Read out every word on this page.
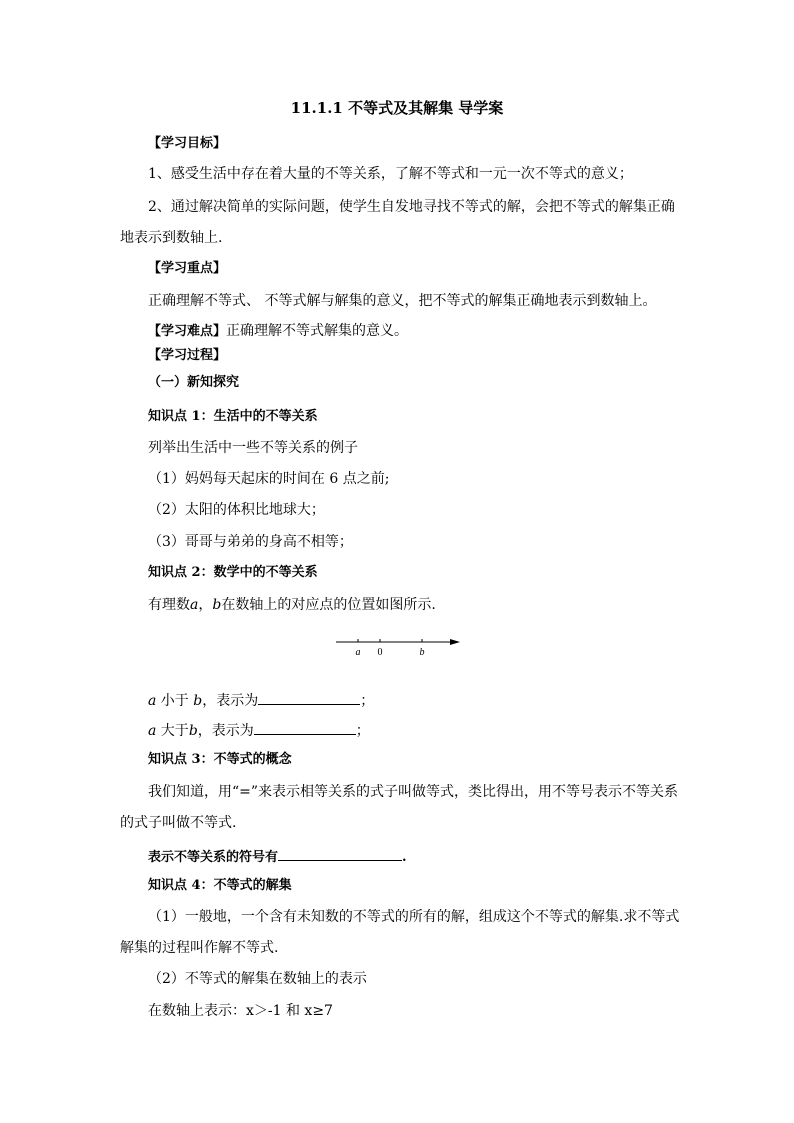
11.1.1 不等式及其解集 导学案
【学习目标】
1、感受生活中存在着大量的不等关系，了解不等式和一元一次不等式的意义；
2、通过解决简单的实际问题，使学生自发地寻找不等式的解，会把不等式的解集正确
地表示到数轴上.
【学习重点】
正确理解不等式、 不等式解与解集的意义，把不等式的解集正确地表示到数轴上。
【学习难点】正确理解不等式解集的意义。
【学习过程】
（一）新知探究
知识点 1：生活中的不等关系
列举出生活中一些不等关系的例子
（1）妈妈每天起床的时间在 6 点之前;
（2）太阳的体积比地球大；
（3）哥哥与弟弟的身高不相等；
知识点 2：数学中的不等关系
有理数a，b在数轴上的对应点的位置如图所示.
a 0	b
a 小于 b，表示为	；
a 大于b，表示为	；
知识点 3：不等式的概念
我们知道，用“=”来表示相等关系的式子叫做等式，类比得出，用不等号表示不等关系
的式子叫做不等式.
表示不等关系的符号有	.
知识点 4：不等式的解集
（1）一般地，一个含有未知数的不等式的所有的解，组成这个不等式的解集.求不等式
解集的过程叫作解不等式.
（2）不等式的解集在数轴上的表示
在数轴上表示：x＞-1 和 x≥7
